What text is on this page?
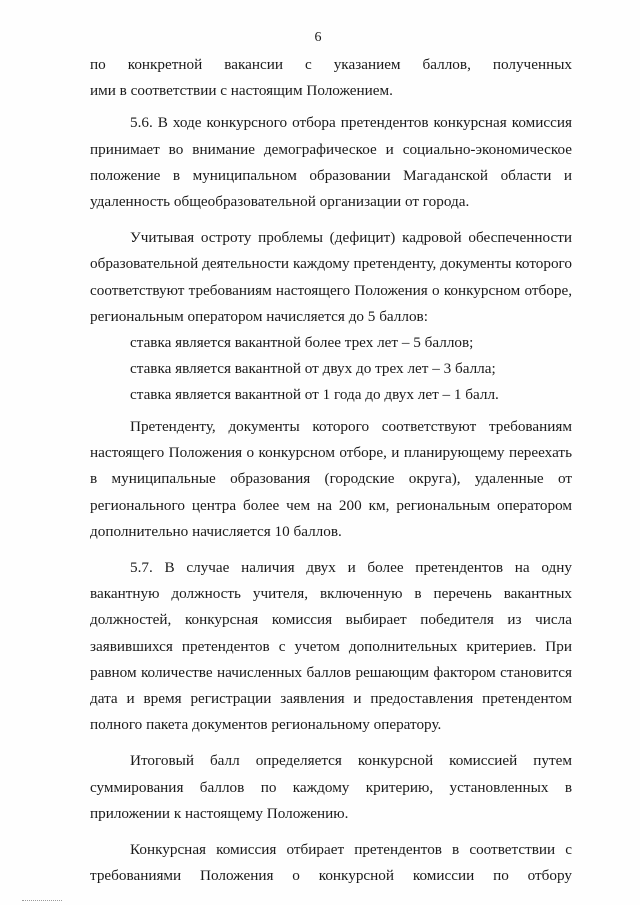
6

по конкретной вакансии с указанием баллов, полученных

ими в соответствии с настоящим Положением.

5.6. В ходе конкурсного отбора претендентов конкурсная комиссия принимает во внимание демографическое и социально-экономическое положение в муниципальном образовании Магаданской области и удаленность общеобразовательной организации от города.

Учитывая остроту проблемы (дефицит) кадровой обеспеченности образовательной деятельности каждому претенденту, документы которого соответствуют требованиям настоящего Положения о конкурсном отборе, региональным оператором начисляется до 5 баллов:

ставка является вакантной более трех лет – 5 баллов;

ставка является вакантной от двух до трех лет – 3 балла;

ставка является вакантной от 1 года до двух лет – 1 балл.

Претенденту, документы которого соответствуют требованиям настоящего Положения о конкурсном отборе, и планирующему переехать в муниципальные образования (городские округа), удаленные от регионального центра более чем на 200 км, региональным оператором дополнительно начисляется 10 баллов.

5.7. В случае наличия двух и более претендентов на одну вакантную должность учителя, включенную в перечень вакантных должностей, конкурсная комиссия выбирает победителя из числа заявившихся претендентов с учетом дополнительных критериев. При равном количестве начисленных баллов решающим фактором становится дата и время регистрации заявления и предоставления претендентом полного пакета документов региональному оператору.

Итоговый балл определяется конкурсной комиссией путем суммирования баллов по каждому критерию, установленных в приложении к настоящему Положению.

Конкурсная комиссия отбирает претендентов в соответствии с требованиями Положения о конкурсной комиссии по отбору
